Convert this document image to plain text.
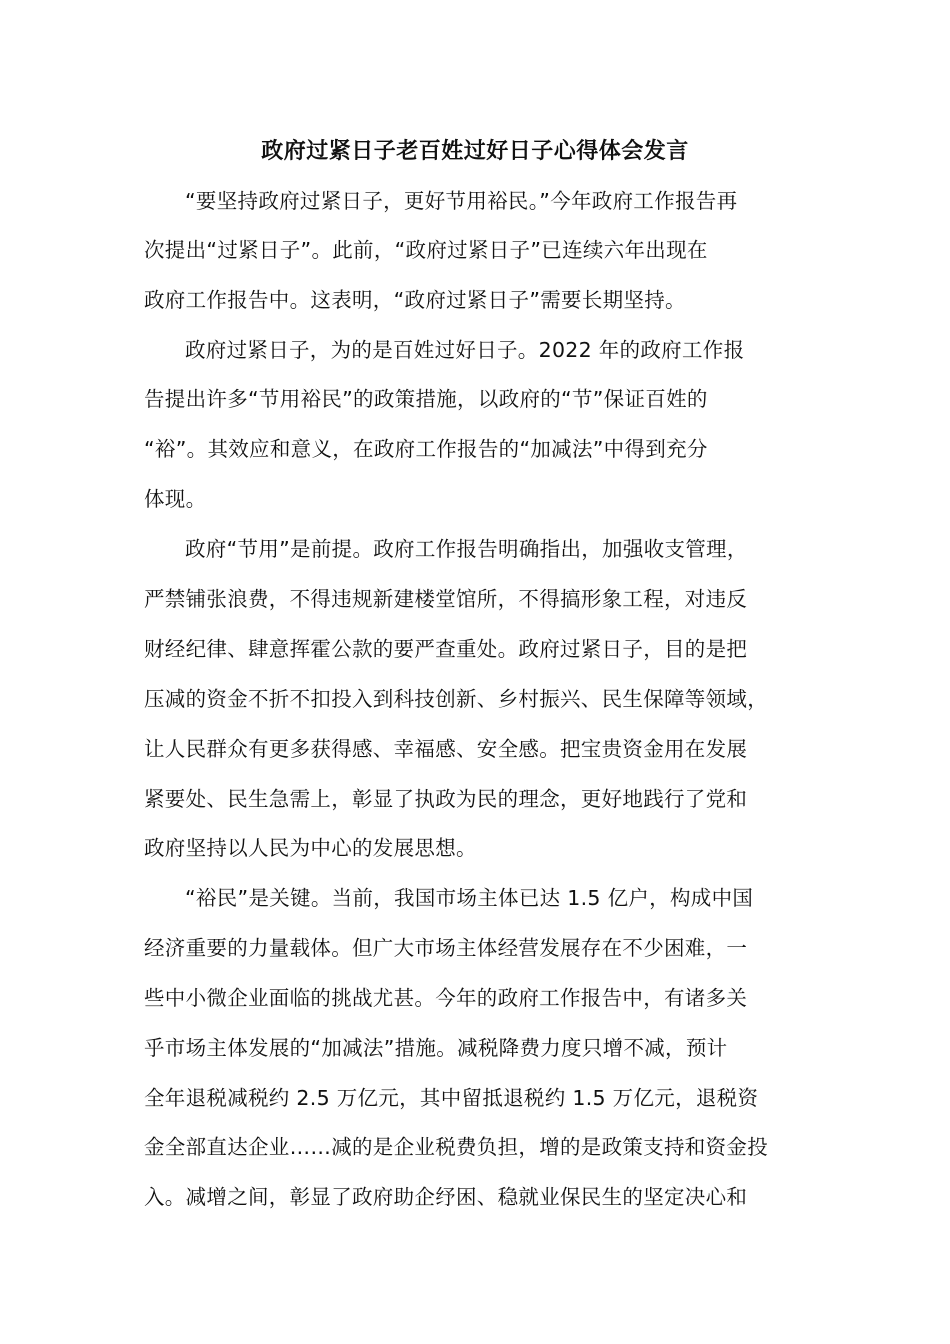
政府过紧日子老百姓过好日子心得体会发言
“要坚持政府过紧日子，更好节用裕民。”今年政府工作报告再
次提出“过紧日子”。此前，“政府过紧日子”已连续六年出现在
政府工作报告中。这表明，“政府过紧日子”需要长期坚持。
政府过紧日子，为的是百姓过好日子。2022 年的政府工作报
告提出许多“节用裕民”的政策措施，以政府的“节”保证百姓的
“裕”。其效应和意义，在政府工作报告的“加减法”中得到充分
体现。
政府“节用”是前提。政府工作报告明确指出，加强收支管理，
严禁铺张浪费，不得违规新建楼堂馆所，不得搞形象工程，对违反
财经纪律、肆意挥霍公款的要严查重处。政府过紧日子，目的是把
压减的资金不折不扣投入到科技创新、乡村振兴、民生保障等领域，
让人民群众有更多获得感、幸福感、安全感。把宝贵资金用在发展
紧要处、民生急需上，彰显了执政为民的理念，更好地践行了党和
政府坚持以人民为中心的发展思想。
“裕民”是关键。当前，我国市场主体已达 1.5 亿户，构成中国
经济重要的力量载体。但广大市场主体经营发展存在不少困难，一
些中小微企业面临的挑战尤甚。今年的政府工作报告中，有诸多关
乎市场主体发展的“加减法”措施。减税降费力度只增不减，预计
全年退税减税约 2.5 万亿元，其中留抵退税约 1.5 万亿元，退税资
金全部直达企业……减的是企业税费负担，增的是政策支持和资金投
入。减增之间，彰显了政府助企纾困、稳就业保民生的坚定决心和
